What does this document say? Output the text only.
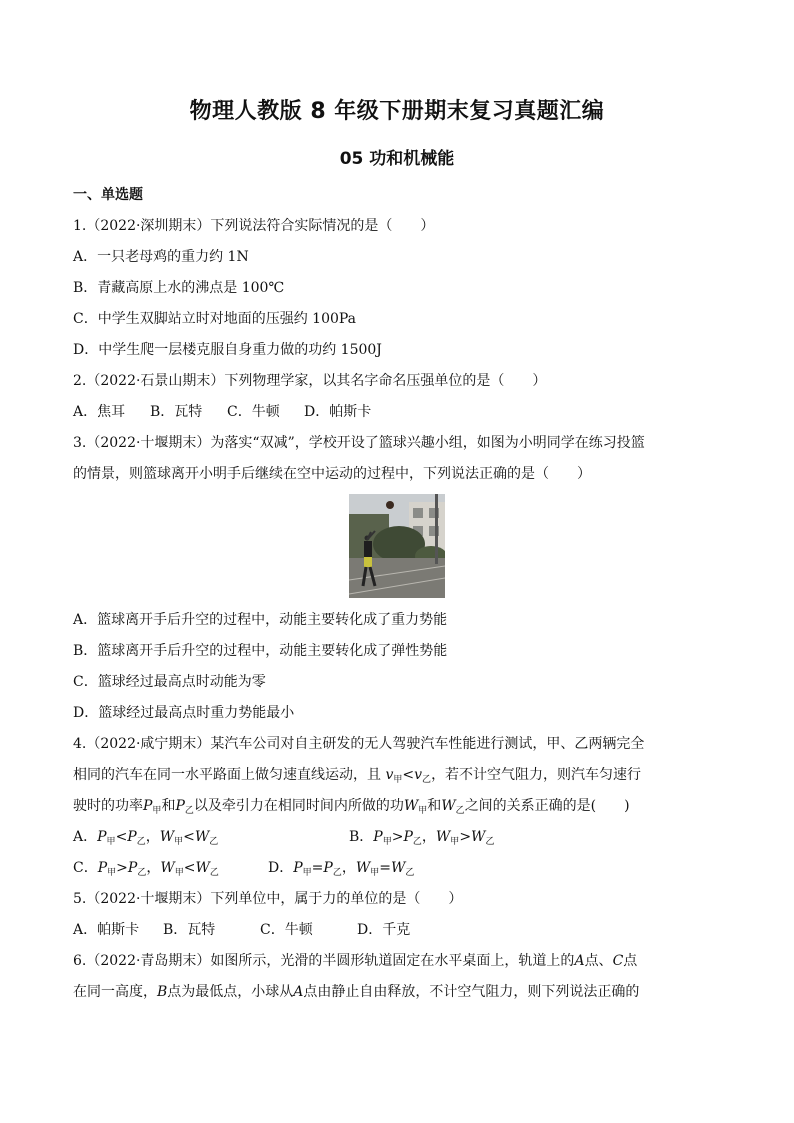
物理人教版 8 年级下册期末复习真题汇编
05 功和机械能
一、单选题
1.（2022·深圳期末）下列说法符合实际情况的是（　　）
A．一只老母鸡的重力约 1N
B．青藏高原上水的沸点是 100℃
C．中学生双脚站立时对地面的压强约 100Pa
D．中学生爬一层楼克服自身重力做的功约 1500J
2.（2022·石景山期末）下列物理学家，以其名字命名压强单位的是（　　）
A．焦耳 B．瓦特 C．牛顿 D．帕斯卡
3.（2022·十堰期末）为落实“双减”，学校开设了篮球兴趣小组，如图为小明同学在练习投篮
的情景，则篮球离开小明手后继续在空中运动的过程中，下列说法正确的是（　　）
A．篮球离开手后升空的过程中，动能主要转化成了重力势能
B．篮球离开手后升空的过程中，动能主要转化成了弹性势能
C．篮球经过最高点时动能为零
D．篮球经过最高点时重力势能最小
4.（2022·咸宁期末）某汽车公司对自主研发的无人驾驶汽车性能进行测试，甲、乙两辆完全
相同的汽车在同一水平路面上做匀速直线运动，且 $v_甲<v_乙$，若不计空气阻力，则汽车匀速行
驶时的功率$P_甲$和$P_乙$以及牵引力在相同时间内所做的功$W_甲$和$W_乙$之间的关系正确的是(　　)
A．$P_甲<P_乙$，$W_甲<W_乙$	B．$P_甲>P_乙$，$W_甲>W_乙$
C．$P_甲>P_乙$，$W_甲<W_乙$	D．$P_甲=P_乙$，$W_甲=W_乙$
5.（2022·十堰期末）下列单位中，属于力的单位的是（　　）
A．帕斯卡 B．瓦特	C．牛顿	D．千克
6.（2022·青岛期末）如图所示，光滑的半圆形轨道固定在水平桌面上，轨道上的A点、C点
在同一高度，B点为最低点，小球从A点由静止自由释放，不计空气阻力，则下列说法正确的
